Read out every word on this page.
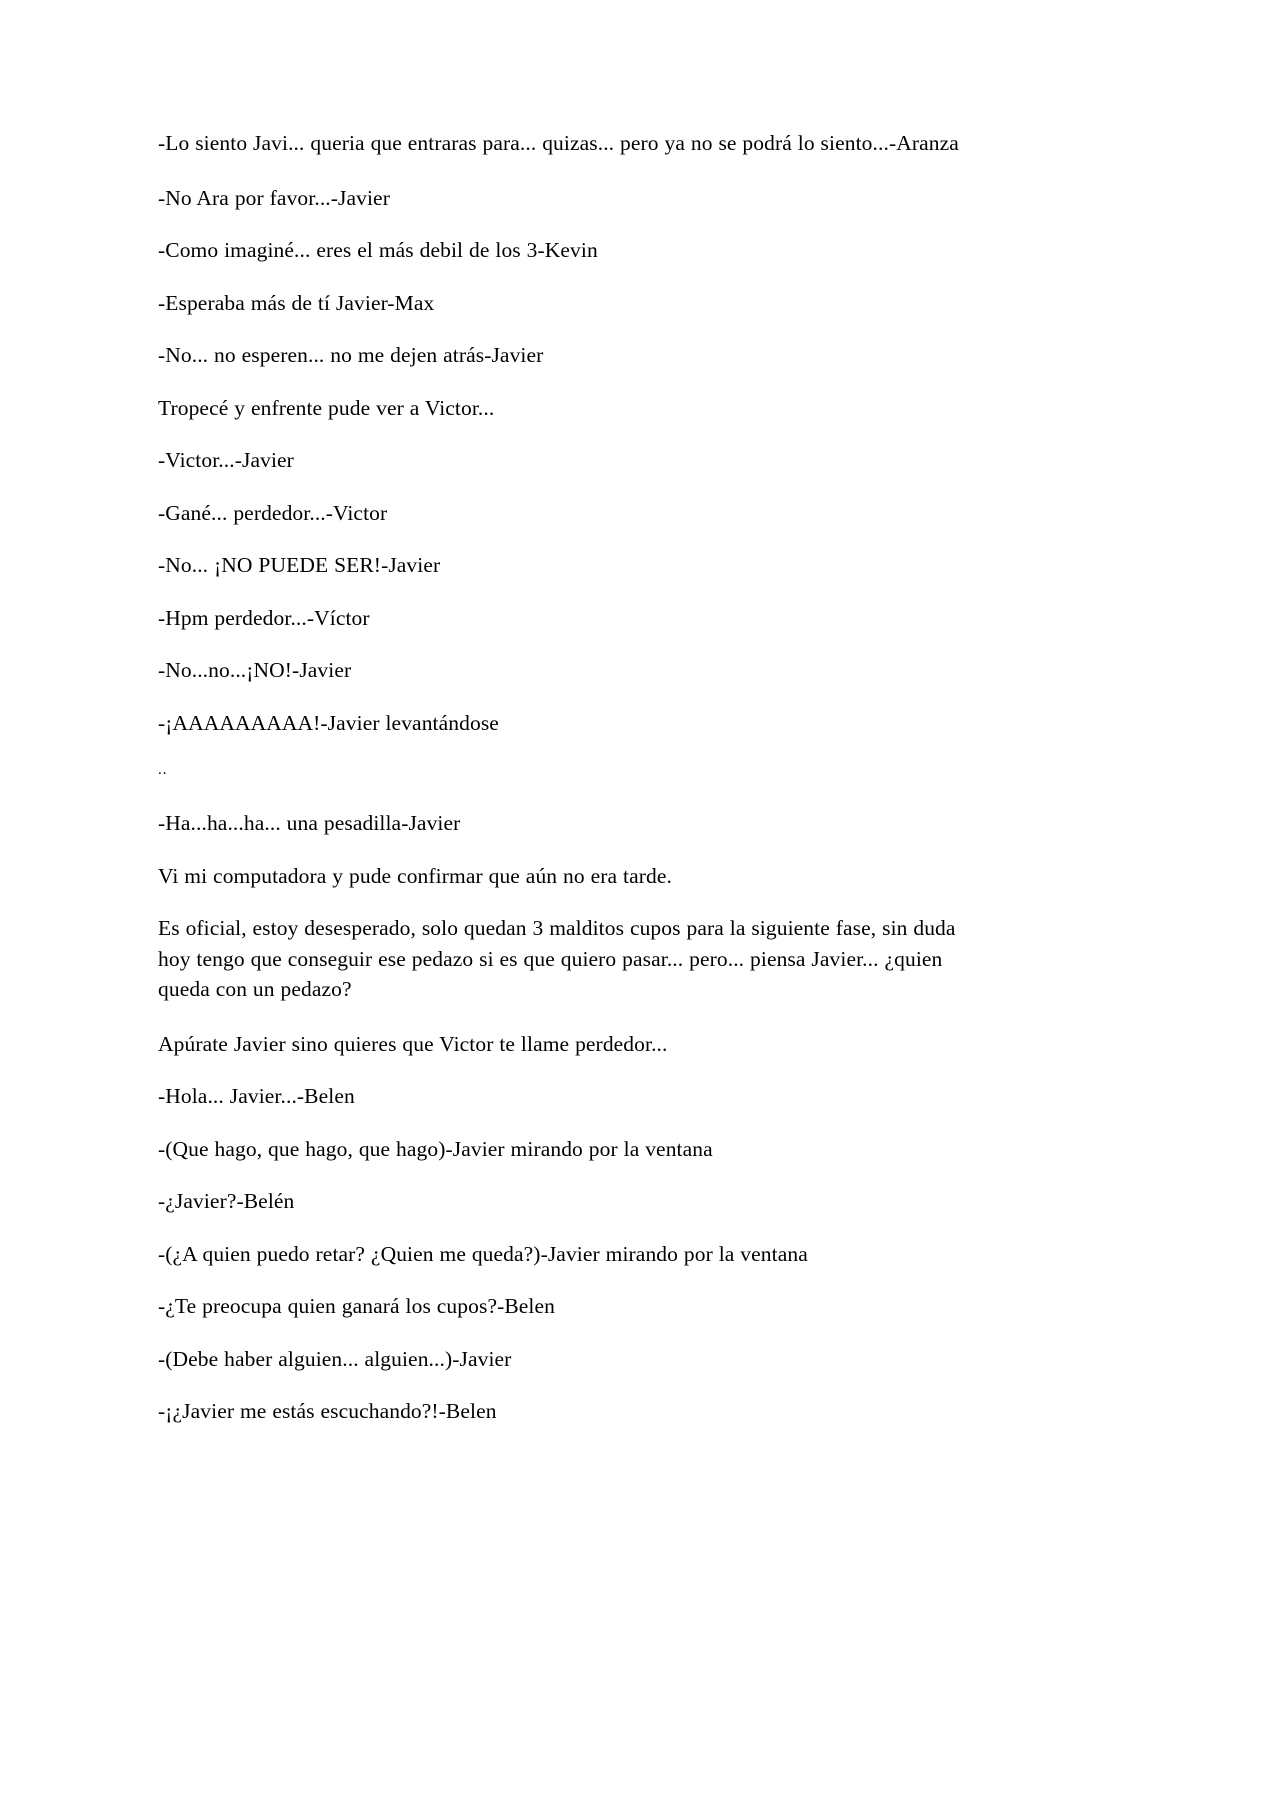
-Lo siento Javi... queria que entraras para... quizas... pero ya no se podrá lo siento...-Aranza

-No Ara por favor...-Javier

-Como imaginé... eres el más debil de los 3-Kevin

-Esperaba más de tí Javier-Max

-No... no esperen... no me dejen atrás-Javier

Tropecé y enfrente pude ver a Victor...

-Victor...-Javier

-Gané... perdedor...-Victor

-No... ¡NO PUEDE SER!-Javier

-Hpm perdedor...-Víctor

-No...no...¡NO!-Javier

-¡AAAAAAAAA!-Javier levantándose

..

-Ha...ha...ha... una pesadilla-Javier

Vi mi computadora y pude confirmar que aún no era tarde.

Es oficial, estoy desesperado, solo quedan 3 malditos cupos para la siguiente fase, sin duda hoy tengo que conseguir ese pedazo si es que quiero pasar... pero... piensa Javier... ¿quien queda con un pedazo?

Apúrate Javier sino quieres que Victor te llame perdedor...

-Hola... Javier...-Belen

-(Que hago, que hago, que hago)-Javier mirando por la ventana

-¿Javier?-Belén

-(¿A quien puedo retar? ¿Quien me queda?)-Javier mirando por la ventana

-¿Te preocupa quien ganará los cupos?-Belen

-(Debe haber alguien... alguien...)-Javier

-¡¿Javier me estás escuchando?!-Belen
